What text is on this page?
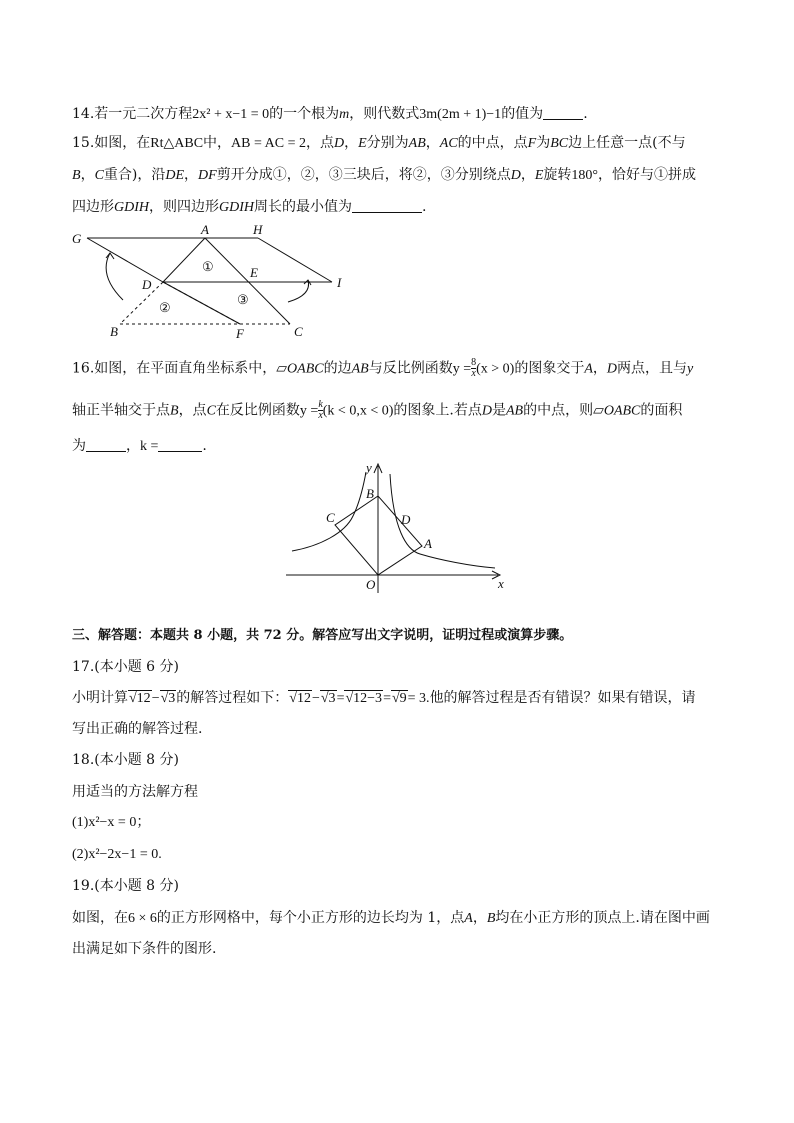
14.若一元二次方程2x² + x−1 = 0的一个根为m，则代数式3m(2m + 1)−1的值为	.
15.如图，在Rt△ABC中，AB = AC = 2，点D，E分别为AB，AC的中点，点F为BC边上任意一点(不与
B，C重合)，沿DE，DF剪开分成①，②，③三块后，将②，③分别绕点D，E旋转180°，恰好与①拼成
四边形GDIH，则四边形GDIH周长的最小值为	.
G
A	H
D
E
I
B	F	C
①
②
③
16.如图，在平面直角坐标系中，▱OABC的边AB与反比例函数$y = \frac{8}{x} (x > 0)$的图象交于A，D两点，且与y
轴正半轴交于点B，点C在反比例函数$y = \frac{k}{x} (k < 0,x < 0)$的图象上.若点D是AB的中点，则▱OABC的面积
为	，k =	.
y
x
B
C	D
A
O
三、解答题：本题共 8 小题，共 72 分。解答应写出文字说明，证明过程或演算步骤。
17.(本小题 6 分)
小明计算√12−√3的解答过程如下：√12−√3=√12−3=√9= 3.他的解答过程是否有错误？如果有错误，请
写出正确的解答过程.
18.(本小题 8 分)
用适当的方法解方程
(1)x²−x = 0；
(2)x²−2x−1 = 0.
19.(本小题 8 分)
如图，在6 × 6的正方形网格中，每个小正方形的边长均为 1，点A，B均在小正方形的顶点上.请在图中画
出满足如下条件的图形.
